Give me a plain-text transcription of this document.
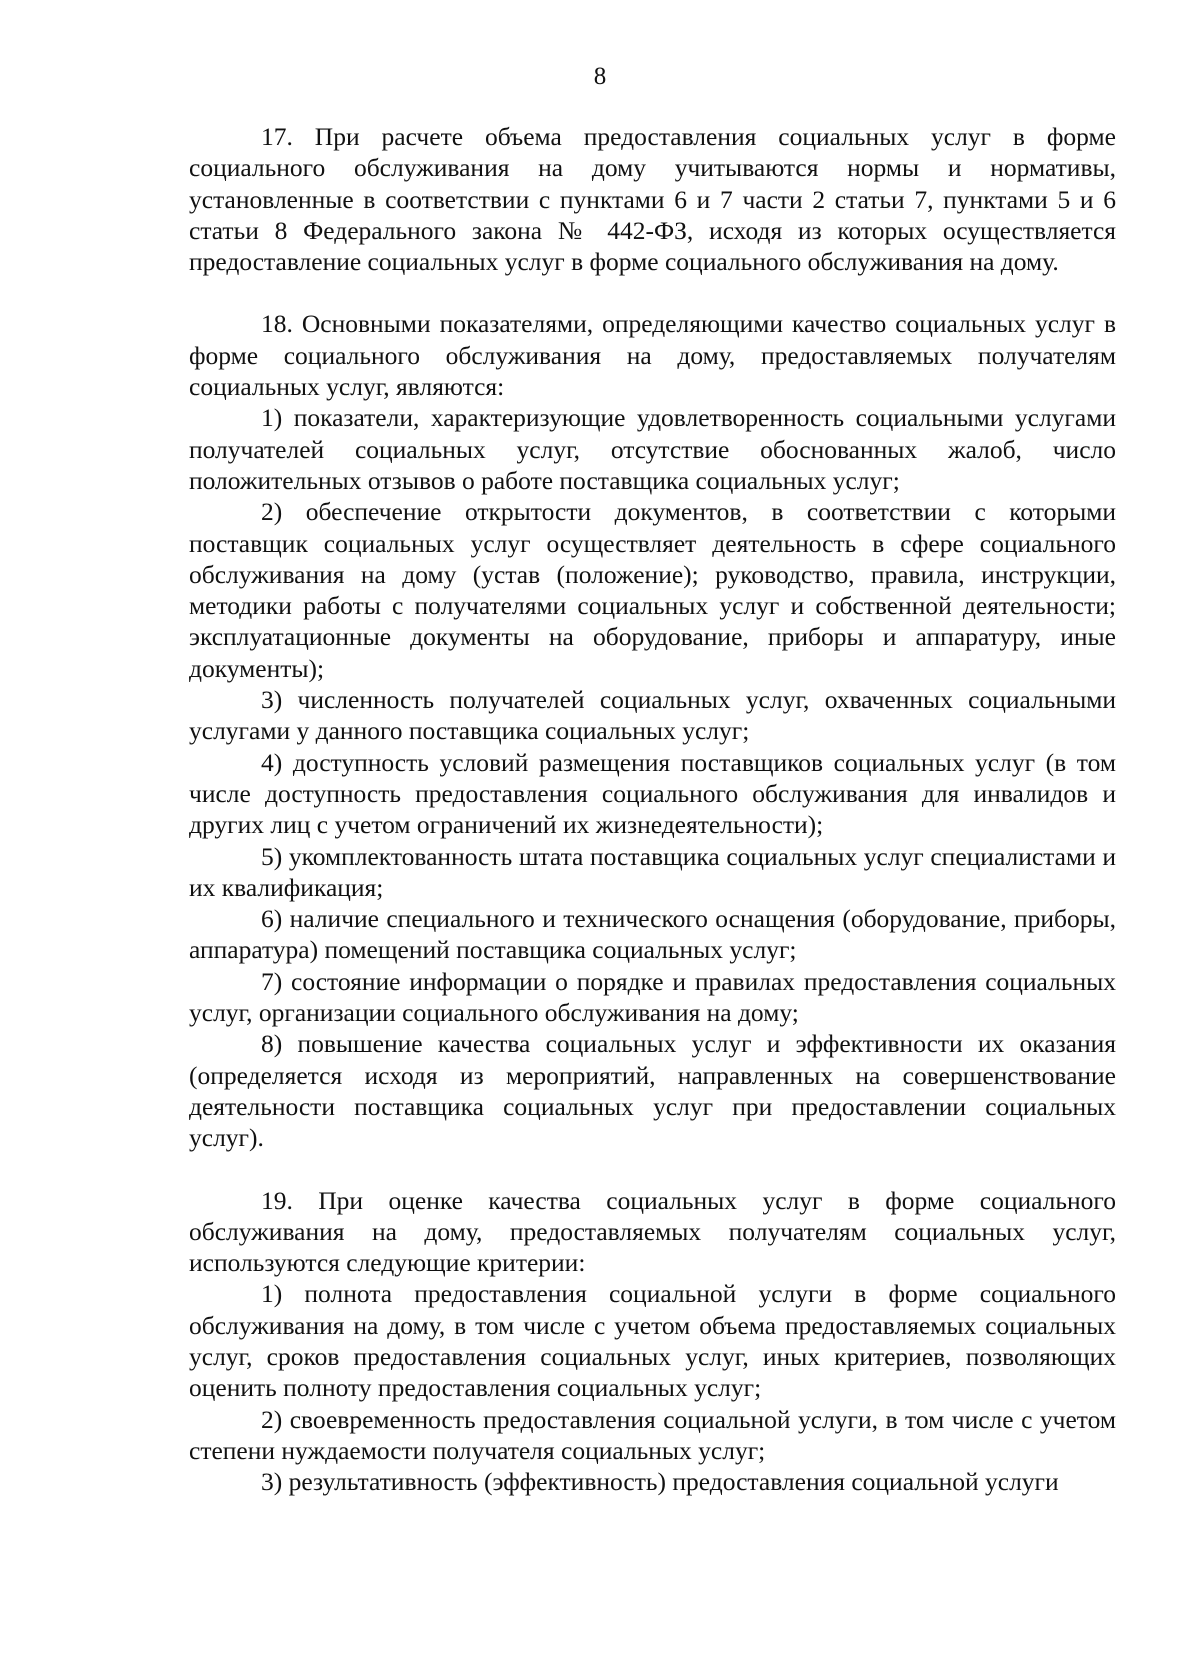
8

17. При расчете объема предоставления социальных услуг в форме социального обслуживания на дому учитываются нормы и нормативы, установленные в соответствии с пунктами 6 и 7 части 2 статьи 7, пунктами 5 и 6 статьи 8 Федерального закона № 442-ФЗ, исходя из которых осуществляется предоставление социальных услуг в форме социального обслуживания на дому.

18. Основными показателями, определяющими качество социальных услуг в форме социального обслуживания на дому, предоставляемых получателям социальных услуг, являются:

1) показатели, характеризующие удовлетворенность социальными услугами получателей социальных услуг, отсутствие обоснованных жалоб, число положительных отзывов о работе поставщика социальных услуг;

2) обеспечение открытости документов, в соответствии с которыми поставщик социальных услуг осуществляет деятельность в сфере социального обслуживания на дому (устав (положение); руководство, правила, инструкции, методики работы с получателями социальных услуг и собственной деятельности; эксплуатационные документы на оборудование, приборы и аппаратуру, иные документы);

3) численность получателей социальных услуг, охваченных социальными услугами у данного поставщика социальных услуг;

4) доступность условий размещения поставщиков социальных услуг (в том числе доступность предоставления социального обслуживания для инвалидов и других лиц с учетом ограничений их жизнедеятельности);

5) укомплектованность штата поставщика социальных услуг специалистами и их квалификация;

6) наличие специального и технического оснащения (оборудование, приборы, аппаратура) помещений поставщика социальных услуг;

7) состояние информации о порядке и правилах предоставления социальных услуг, организации социального обслуживания на дому;

8) повышение качества социальных услуг и эффективности их оказания (определяется исходя из мероприятий, направленных на совершенствование деятельности поставщика социальных услуг при предоставлении социальных услуг).

19. При оценке качества социальных услуг в форме социального обслуживания на дому, предоставляемых получателям социальных услуг, используются следующие критерии:

1) полнота предоставления социальной услуги в форме социального обслуживания на дому, в том числе с учетом объема предоставляемых социальных услуг, сроков предоставления социальных услуг, иных критериев, позволяющих оценить полноту предоставления социальных услуг;

2) своевременность предоставления социальной услуги, в том числе с учетом степени нуждаемости получателя социальных услуг;

3) результативность (эффективность) предоставления социальной услуги
